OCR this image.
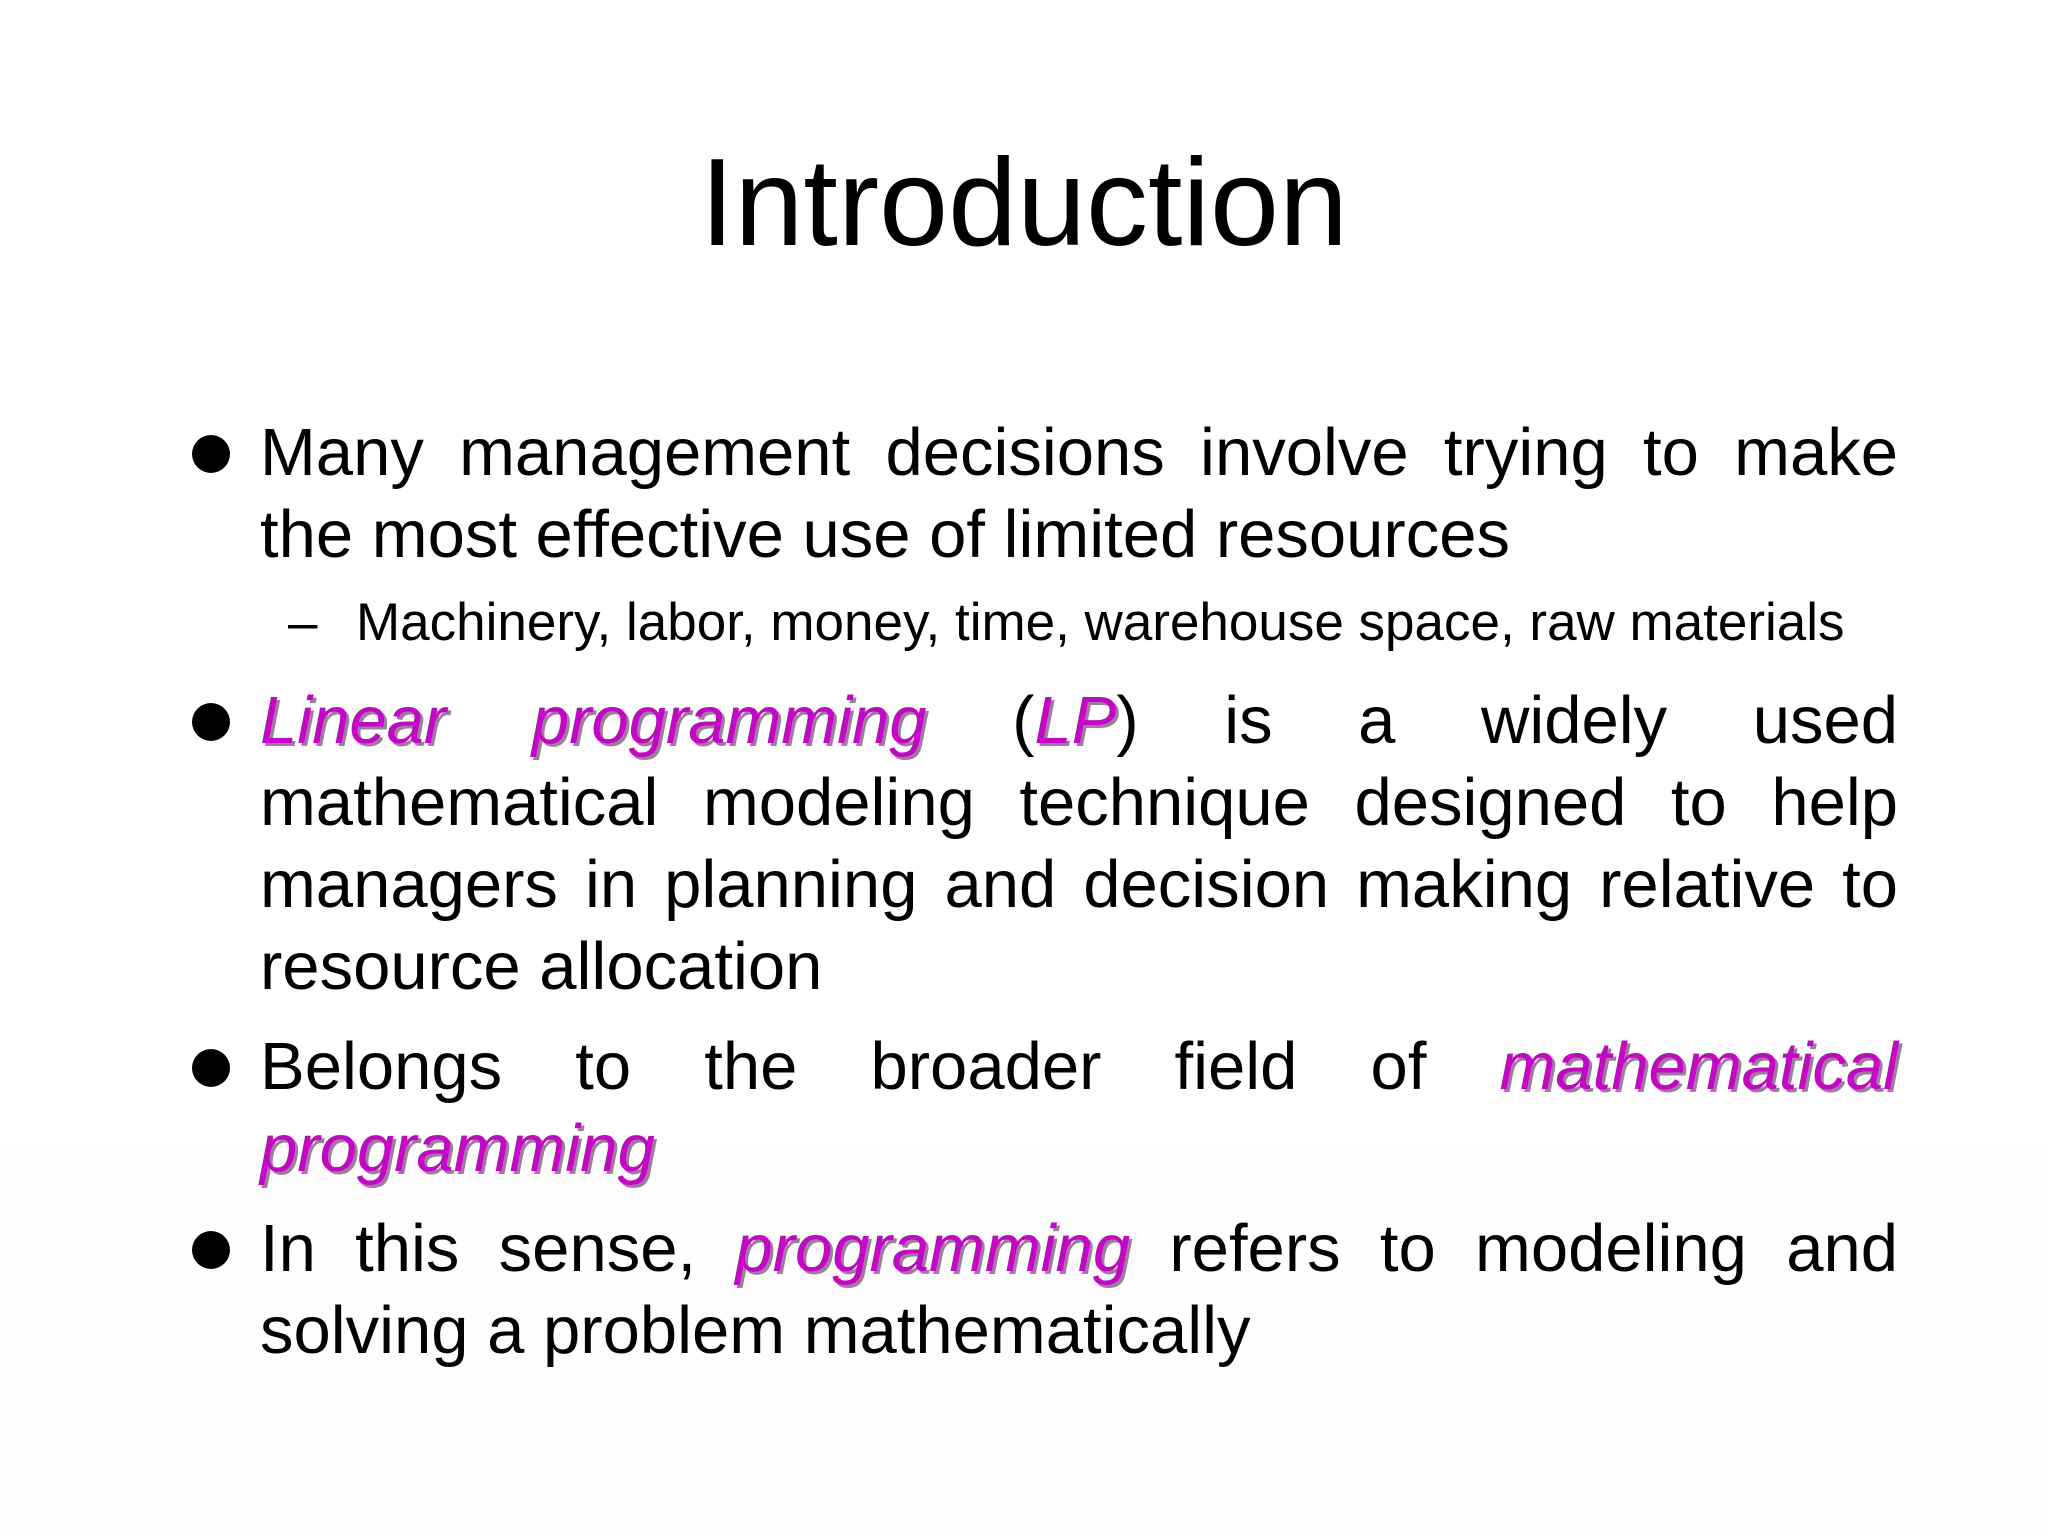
Introduction
Many management decisions involve trying to make the most effective use of limited resources
– Machinery, labor, money, time, warehouse space, raw materials
Linear programming (LP) is a widely used mathematical modeling technique designed to help managers in planning and decision making relative to resource allocation
Belongs to the broader field of mathematical programming
In this sense, programming refers to modeling and solving a problem mathematically
